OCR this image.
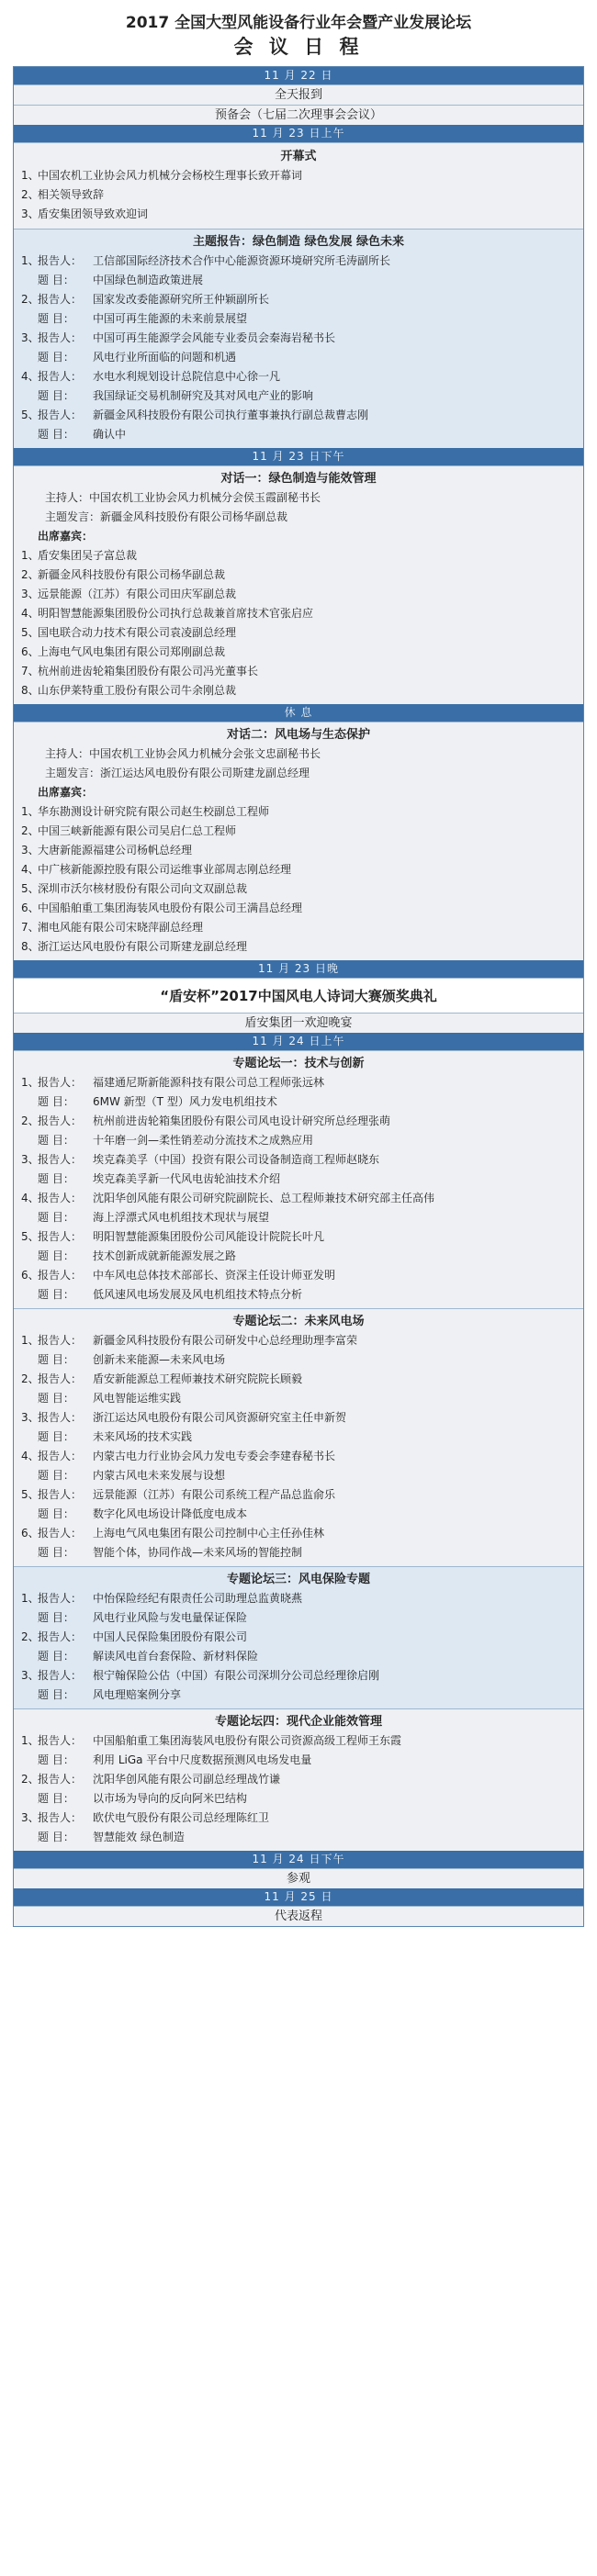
2017 全国大型风能设备行业年会暨产业发展论坛
会 议 日 程
11 月 22 日
全天报到
预备会（七届二次理事会会议）
11 月 23 日上午
开幕式
1、中国农机工业协会风力机械分会杨校生理事长致开幕词
2、相关领导致辞
3、盾安集团领导致欢迎词
主题报告：绿色制造 绿色发展 绿色未来
1、报告人： 工信部国际经济技术合作中心能源资源环境研究所毛涛副所长
题 目： 中国绿色制造政策进展
2、报告人： 国家发改委能源研究所王仲颖副所长
题 目： 中国可再生能源的未来前景展望
3、报告人： 中国可再生能源学会风能专业委员会秦海岩秘书长
题 目： 风电行业所面临的问题和机遇
4、报告人： 水电水利规划设计总院信息中心徐一凡
题 目： 我国绿证交易机制研究及其对风电产业的影响
5、报告人： 新疆金风科技股份有限公司执行董事兼执行副总裁曹志刚
题 目： 确认中
11 月 23 日下午
对话一：绿色制造与能效管理
主持人：中国农机工业协会风力机械分会侯玉霞副秘书长
主题发言：新疆金风科技股份有限公司杨华副总裁
出席嘉宾：
1、盾安集团吴子富总裁
2、新疆金风科技股份有限公司杨华副总裁
3、远景能源（江苏）有限公司田庆军副总裁
4、明阳智慧能源集团股份公司执行总裁兼首席技术官张启应
5、国电联合动力技术有限公司袁凌副总经理
6、上海电气风电集团有限公司郑刚副总裁
7、杭州前进齿轮箱集团股份有限公司冯光董事长
8、山东伊莱特重工股份有限公司牛余刚总裁
休 息
对话二：风电场与生态保护
主持人：中国农机工业协会风力机械分会张文忠副秘书长
主题发言：浙江运达风电股份有限公司斯建龙副总经理
出席嘉宾：
1、华东勘测设计研究院有限公司赵生校副总工程师
2、中国三峡新能源有限公司吴启仁总工程师
3、大唐新能源福建公司杨帆总经理
4、中广核新能源控股有限公司运维事业部周志刚总经理
5、深圳市沃尔核材股份有限公司向文双副总裁
6、中国船舶重工集团海装风电股份有限公司王满昌总经理
7、湘电风能有限公司宋晓萍副总经理
8、浙江运达风电股份有限公司斯建龙副总经理
11 月 23 日晚
“盾安杯”2017中国风电人诗词大赛颁奖典礼
盾安集团一欢迎晚宴
11 月 24 日上午
专题论坛一：技术与创新
1、报告人： 福建通尼斯新能源科技有限公司总工程师张远林
题 目： 6MW 新型（T 型）风力发电机组技术
2、报告人： 杭州前进齿轮箱集团股份有限公司风电设计研究所总经理张萌
题 目： 十年磨一剑—柔性销差动分流技术之成熟应用
3、报告人： 埃克森美孚（中国）投资有限公司设备制造商工程师赵晓东
题 目： 埃克森美孚新一代风电齿轮油技术介绍
4、报告人： 沈阳华创风能有限公司研究院副院长、总工程师兼技术研究部主任高伟
题 目： 海上浮漂式风电机组技术现状与展望
5、报告人： 明阳智慧能源集团股份公司风能设计院院长叶凡
题 目： 技术创新成就新能源发展之路
6、报告人： 中车风电总体技术部部长、资深主任设计师亚发明
题 目： 低风速风电场发展及风电机组技术特点分析
专题论坛二：未来风电场
1、报告人： 新疆金风科技股份有限公司研发中心总经理助理李富荣
题 目： 创新未来能源—未来风电场
2、报告人： 盾安新能源总工程师兼技术研究院院长顾毅
题 目： 风电智能运维实践
3、报告人： 浙江运达风电股份有限公司风资源研究室主任申新贺
题 目： 未来风场的技术实践
4、报告人： 内蒙古电力行业协会风力发电专委会李建春秘书长
题 目： 内蒙古风电未来发展与设想
5、报告人： 远景能源（江苏）有限公司系统工程产品总监俞乐
题 目： 数字化风电场设计降低度电成本
6、报告人： 上海电气风电集团有限公司控制中心主任孙佳林
题 目： 智能个体，协同作战—未来风场的智能控制
专题论坛三：风电保险专题
1、报告人： 中怡保险经纪有限责任公司助理总监黄晓燕
题 目： 风电行业风险与发电量保证保险
2、报告人： 中国人民保险集团股份有限公司
题 目： 解读风电首台套保险、新材料保险
3、报告人： 根宁翰保险公估（中国）有限公司深圳分公司总经理徐启刚
题 目： 风电理赔案例分享
专题论坛四：现代企业能效管理
1、报告人： 中国船舶重工集团海装风电股份有限公司资源高级工程师王东霞
题 目： 利用 LiGa 平台中尺度数据预测风电场发电量
2、报告人： 沈阳华创风能有限公司副总经理战竹谦
题 目： 以市场为导向的反向阿米巴结构
3、报告人： 欧伏电气股份有限公司总经理陈红卫
题 目： 智慧能效 绿色制造
11 月 24 日下午
参观
11 月 25 日
代表返程
